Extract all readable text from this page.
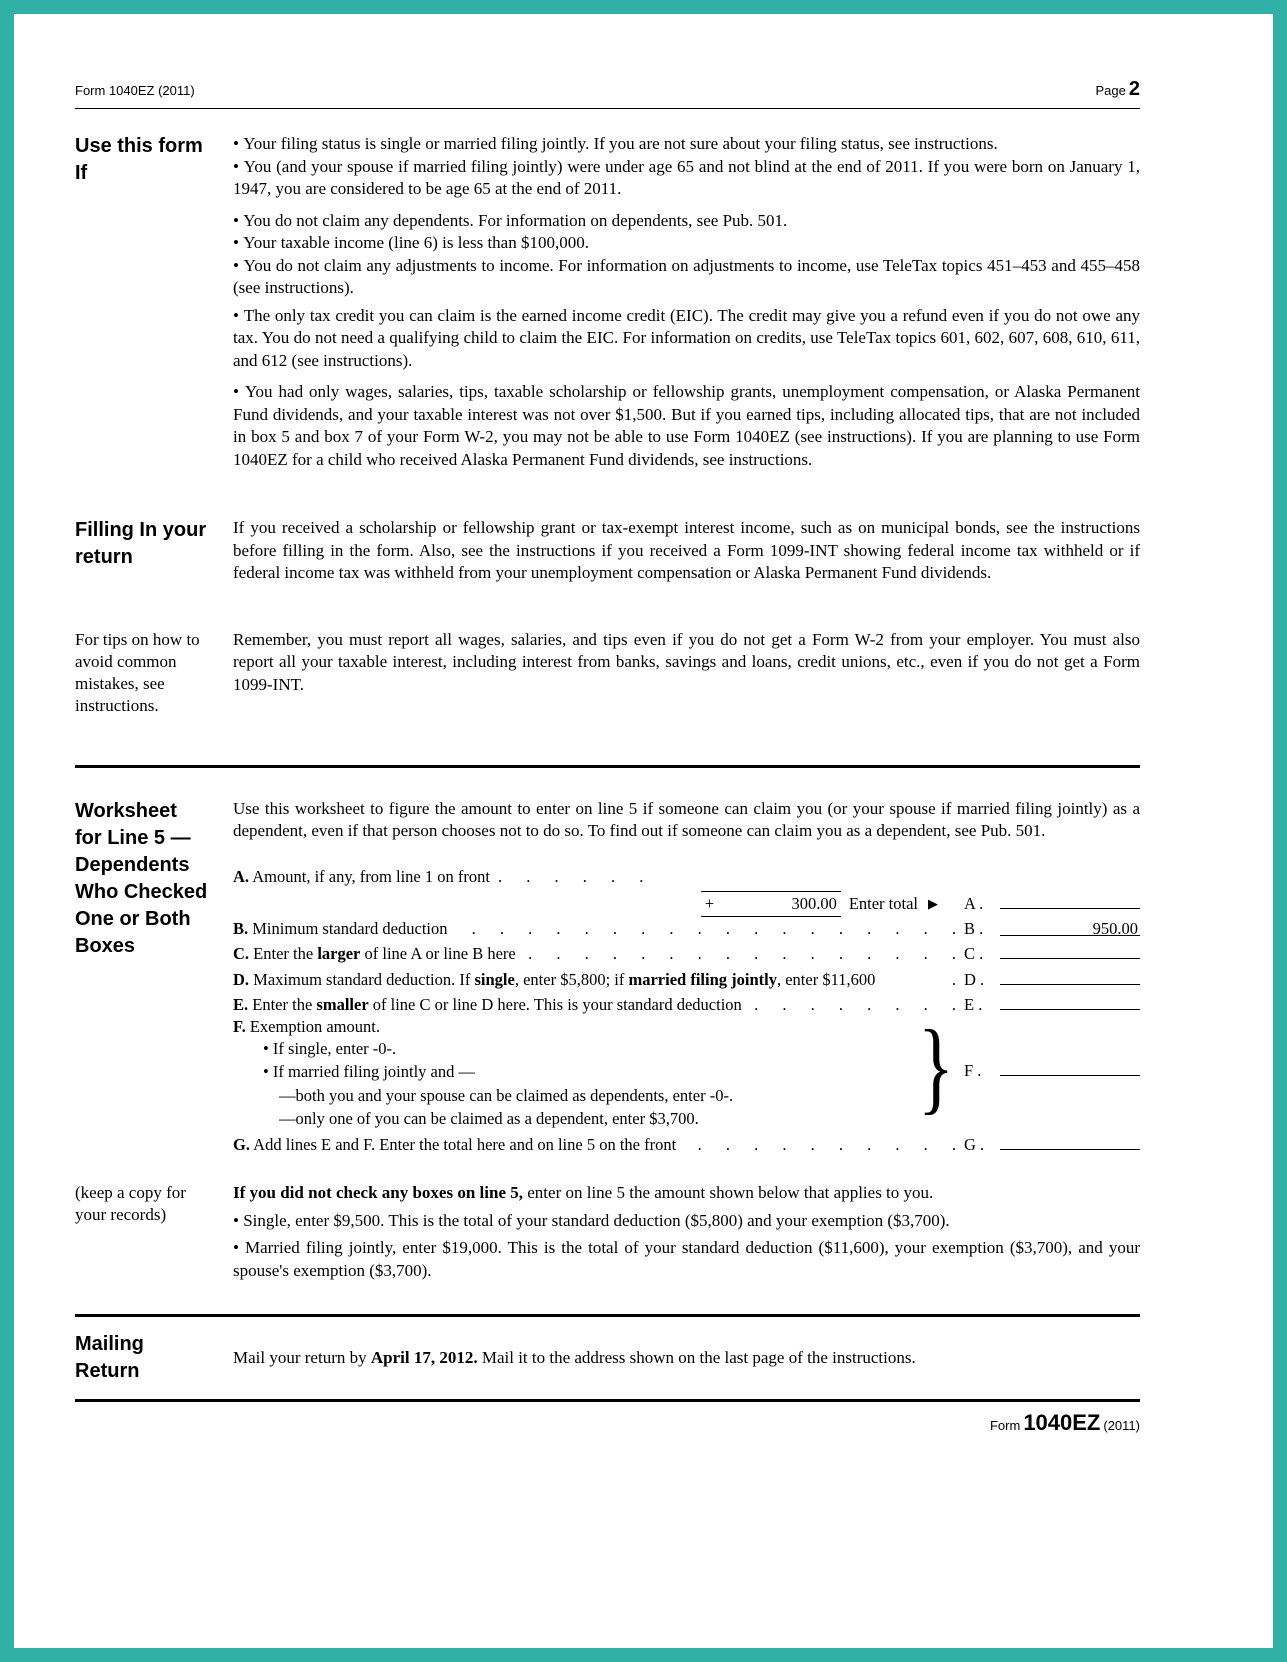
Form 1040EZ (2011)	Page 2
Use this form
If

• Your filing status is single or married filing jointly. If you are not sure about your filing status, see instructions.

• You (and your spouse if married filing jointly) were under age 65 and not blind at the end of 2011. If you were born on January 1, 1947, you are considered to be age 65 at the end of 2011.

• You do not claim any dependents. For information on dependents, see Pub. 501.

• Your taxable income (line 6) is less than $100,000.

• You do not claim any adjustments to income. For information on adjustments to income, use TeleTax topics 451–453 and 455–458 (see instructions).

• The only tax credit you can claim is the earned income credit (EIC). The credit may give you a refund even if you do not owe any tax. You do not need a qualifying child to claim the EIC. For information on credits, use TeleTax topics 601, 602, 607, 608, 610, 611, and 612 (see instructions).

• You had only wages, salaries, tips, taxable scholarship or fellowship grants, unemployment compensation, or Alaska Permanent Fund dividends, and your taxable interest was not over $1,500. But if you earned tips, including allocated tips, that are not included in box 5 and box 7 of your Form W-2, you may not be able to use Form 1040EZ (see instructions). If you are planning to use Form 1040EZ for a child who received Alaska Permanent Fund dividends, see instructions.

Filling In your
return

If you received a scholarship or fellowship grant or tax-exempt interest income, such as on municipal bonds, see the instructions before filling in the form. Also, see the instructions if you received a Form 1099-INT showing federal income tax withheld or if federal income tax was withheld from your unemployment compensation or Alaska Permanent Fund dividends.

For tips on how to avoid common mistakes, see instructions.

Remember, you must report all wages, salaries, and tips even if you do not get a Form W-2 from your employer. You must also report all your taxable interest, including interest from banks, savings and loans, credit unions, etc., even if you do not get a Form 1099-INT.

Worksheet
for Line 5 —
Dependents
Who Checked
One or Both
Boxes

Use this worksheet to figure the amount to enter on line 5 if someone can claim you (or your spouse if married filing jointly) as a dependent, even if that person chooses not to do so. To find out if someone can claim you as a dependent, see Pub. 501.

A. Amount, if any, from line 1 on front . . . . . .
+	300.00 Enter total ▶ A .
B. Minimum standard deduction	. . . . . . . . . . . . . . . . . . B .	950.00
C. Enter the larger of line A or line B here . . . . . . . . . . . . . . . . C .
D. Maximum standard deduction. If single, enter $5,800; if married filing jointly, enter $11,600	. D .
E. Enter the smaller of line C or line D here. This is your standard deduction . . . . . . . . E .
F. Exemption amount.
• If single, enter -0-.
• If married filing jointly and —
—both you and your spouse can be claimed as dependents, enter -0-.
—only one of you can be claimed as a dependent, enter $3,700.	} F .
G. Add lines E and F. Enter the total here and on line 5 on the front	. . . . . . . . . . G .

(keep a copy for your records)

If you did not check any boxes on line 5, enter on line 5 the amount shown below that applies to you.

• Single, enter $9,500. This is the total of your standard deduction ($5,800) and your exemption ($3,700).

• Married filing jointly, enter $19,000. This is the total of your standard deduction ($11,600), your exemption ($3,700), and your spouse's exemption ($3,700).

Mailing
Return

Mail your return by April 17, 2012. Mail it to the address shown on the last page of the instructions.

Form 1040EZ (2011)
